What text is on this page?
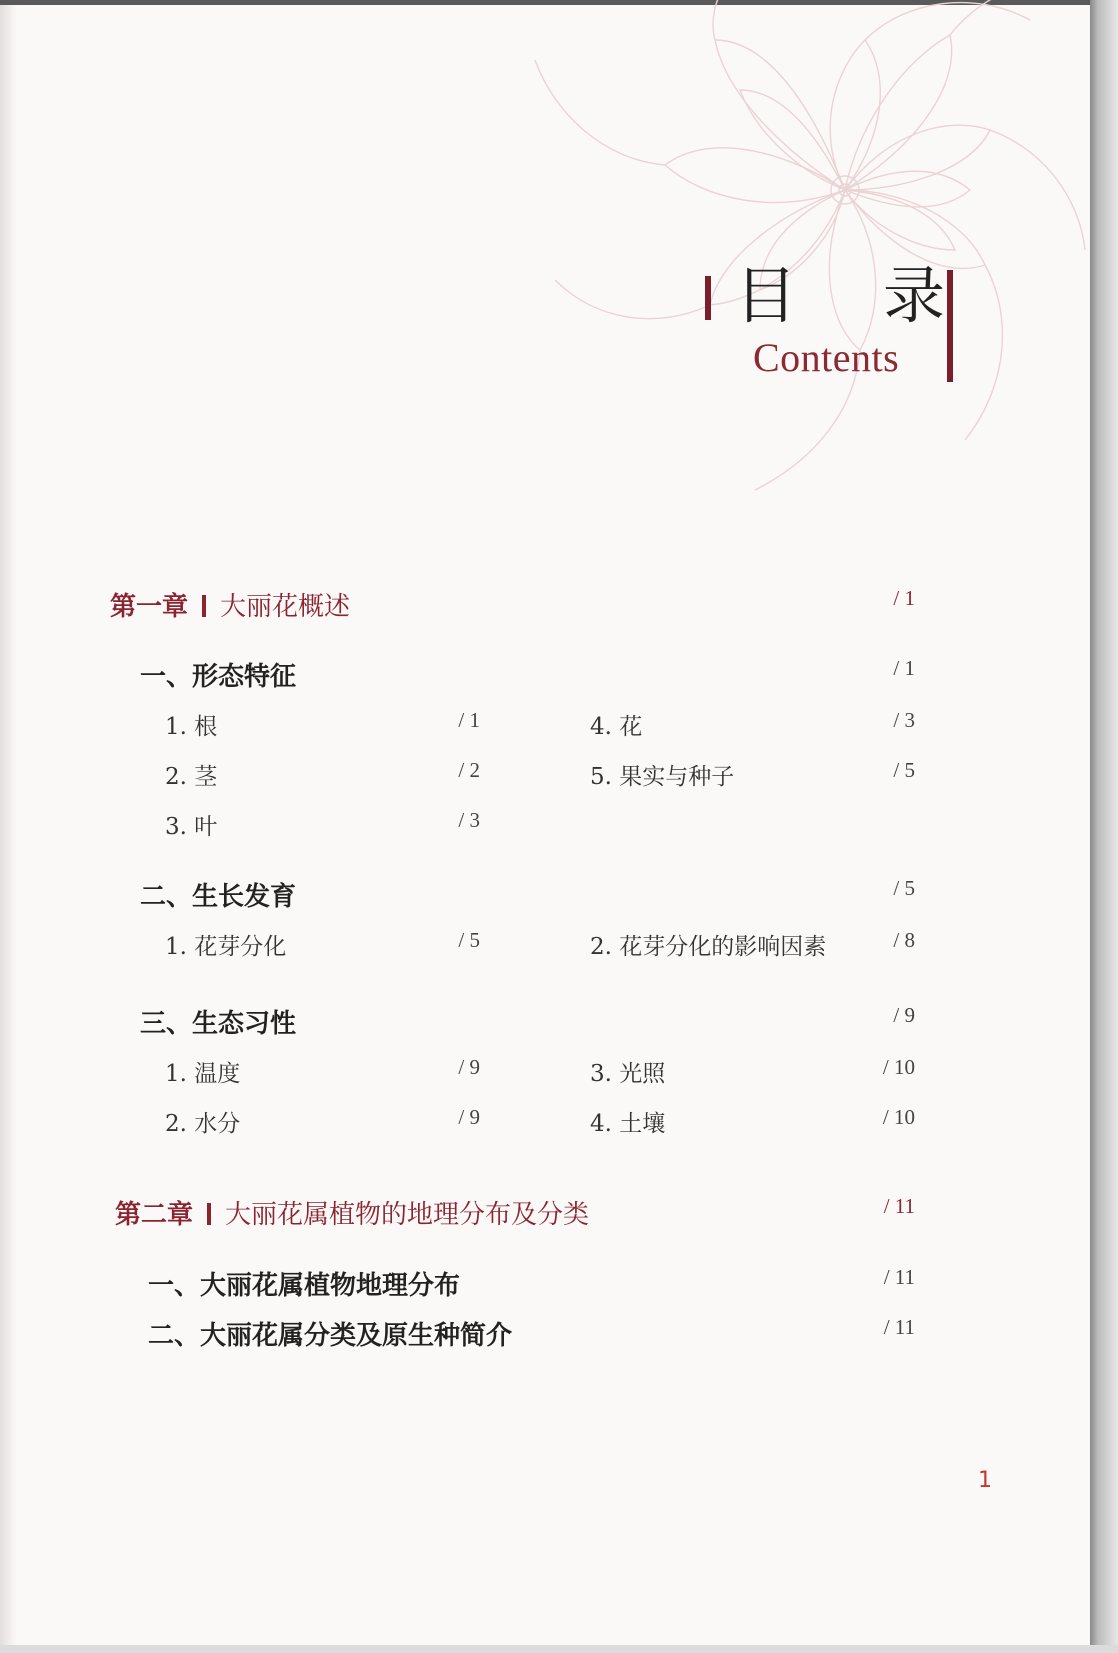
目 录
Contents
第一章 大丽花概述	/ 1
一、形态特征	/ 1
1. 根	/ 1
2. 茎	/ 2
3. 叶	/ 3
4. 花	/ 3
5. 果实与种子	/ 5
二、生长发育	/ 5
1. 花芽分化	/ 5	2. 花芽分化的影响因素	/ 8
三、生态习性	/ 9
1. 温度	/ 9
2. 水分	/ 9
3. 光照	/ 10
4. 土壤	/ 10
第二章 大丽花属植物的地理分布及分类	/ 11
一、大丽花属植物地理分布	/ 11
二、大丽花属分类及原生种简介	/ 11
1
